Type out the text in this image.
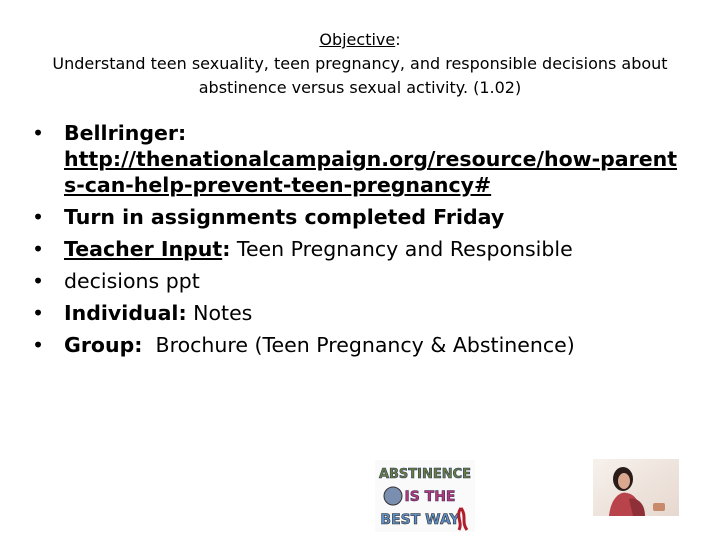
Objective:
Understand teen sexuality, teen pregnancy, and responsible decisions about abstinence versus sexual activity. (1.02)
• Bellringer:
http://thenationalcampaign.org/resource/how-parents-can-help-prevent-teen-pregnancy#
• Turn in assignments completed Friday
• Teacher Input: Teen Pregnancy and Responsible
• decisions ppt
• Individual: Notes
• Group:  Brochure (Teen Pregnancy & Abstinence)
ABSTINENCE
IS THE
BEST WAY
